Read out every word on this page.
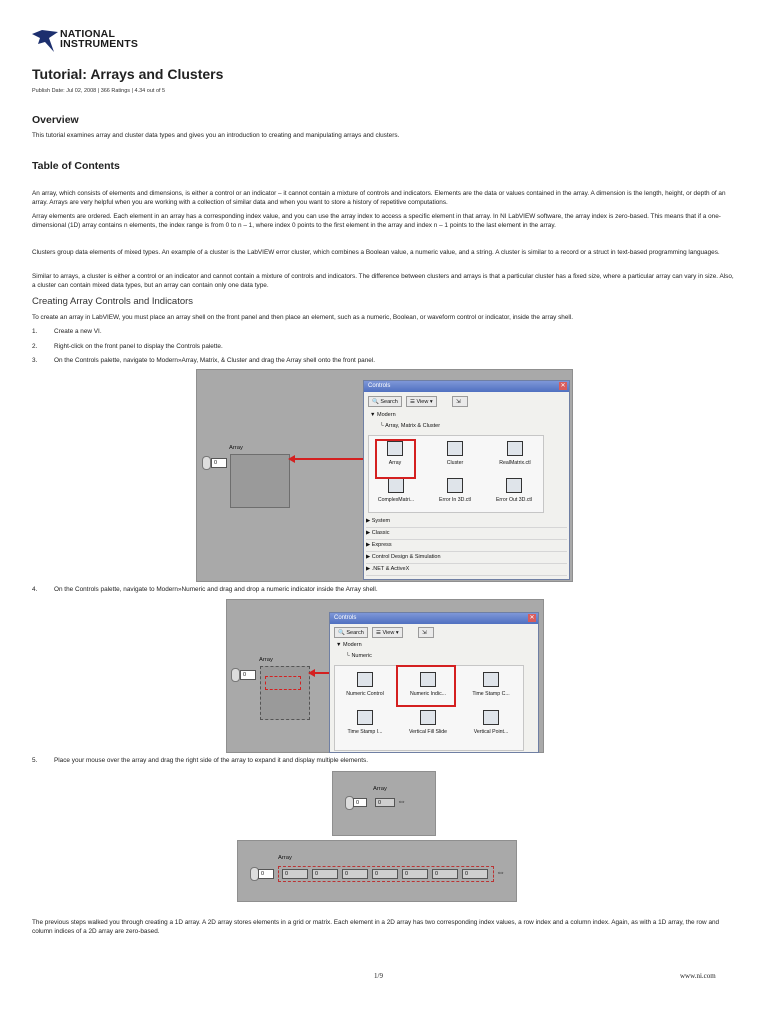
NATIONAL
INSTRUMENTS
Tutorial: Arrays and Clusters
Publish Date: Jul 02, 2008 | 366 Ratings | 4.34 out of 5
Overview
This tutorial examines array and cluster data types and gives you an introduction to creating and manipulating arrays and clusters.
Table of Contents
An array, which consists of elements and dimensions, is either a control or an indicator – it cannot contain a mixture of controls and indicators. Elements are the data or values contained in the array. A dimension is the length, height, or depth of an array. Arrays are very helpful when you are working with a collection of similar data and when you want to store a history of repetitive computations.
Array elements are ordered. Each element in an array has a corresponding index value, and you can use the array index to access a specific element in that array. In NI LabVIEW software, the array index is zero-based. This means that if a one-dimensional (1D) array contains n elements, the index range is from 0 to n – 1, where index 0 points to the first element in the array and index n – 1 points to the last element in the array.
Clusters group data elements of mixed types. An example of a cluster is the LabVIEW error cluster, which combines a Boolean value, a numeric value, and a string. A cluster is similar to a record or a struct in text-based programming languages.
Similar to arrays, a cluster is either a control or an indicator and cannot contain a mixture of controls and indicators. The difference between clusters and arrays is that a particular cluster has a fixed size, where a particular array can vary in size. Also, a cluster can contain mixed data types, but an array can contain only one data type.
Creating Array Controls and Indicators
To create an array in LabVIEW, you must place an array shell on the front panel and then place an element, such as a numeric, Boolean, or waveform control or indicator, inside the array shell.
1.	Create a new VI.
2.	Right-click on the front panel to display the Controls palette.
3.	On the Controls palette, navigate to Modern»Array, Matrix, & Cluster and drag the Array shell onto the front panel.
Array
0
Controls	✕
🔍 Search	☰ View ▾	⇲
▼ Modern
└ Array, Matrix & Cluster
Array	Cluster	RealMatrix.ctl
ComplexMatri...	Error In 3D.ctl	Error Out 3D.ctl
▶ System
▶ Classic
▶ Express
▶ Control Design & Simulation
▶ .NET & ActiveX
4.	On the Controls palette, navigate to Modern»Numeric and drag and drop a numeric indicator inside the Array shell.
Array
0
Controls	✕
🔍 Search	☰ View ▾	⇲
▼ Modern
└ Numeric
Numeric Control	Numeric Indic...	Time Stamp C...
Time Stamp I...	Vertical Fill Slide	Vertical Point...
5.	Place your mouse over the array and drag the right side of the array to expand it and display multiple elements.
Array
0	0	⇔
Array
0	0	0	0	0	0	0	0	⇔
The previous steps walked you through creating a 1D array. A 2D array stores elements in a grid or matrix. Each element in a 2D array has two corresponding index values, a row index and a column index. Again, as with a 1D array, the row and column indices of a 2D array are zero-based.
1/9	www.ni.com
